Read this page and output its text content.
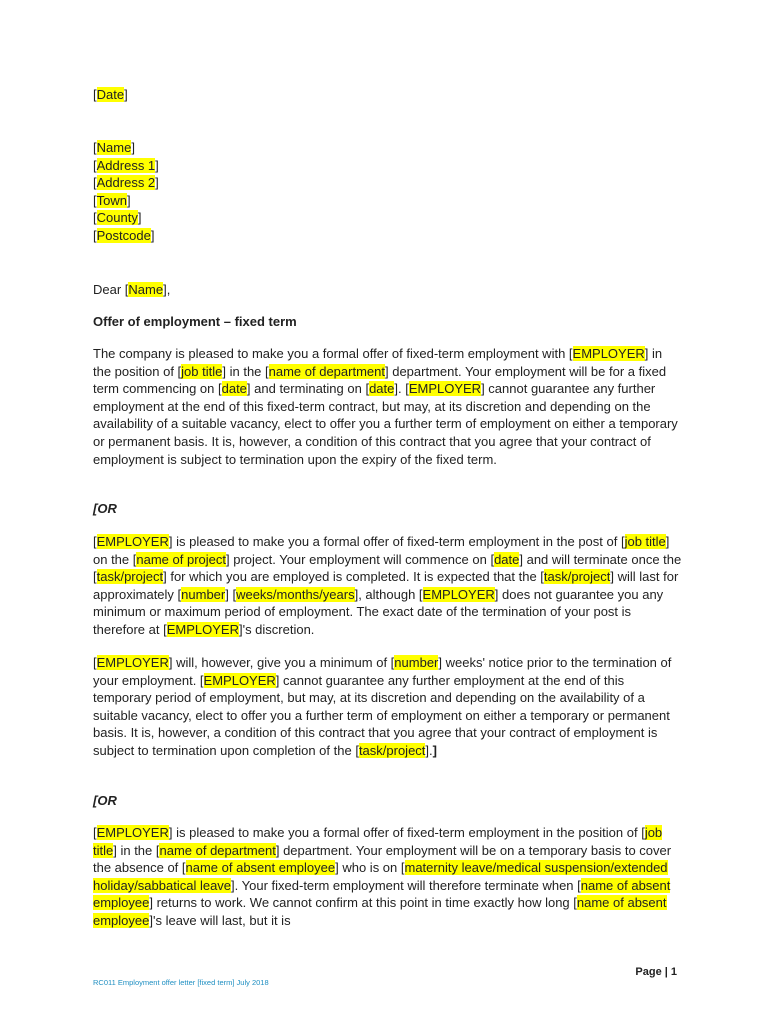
[Date]
[Name]
[Address 1]
[Address 2]
[Town]
[County]
[Postcode]
Dear [Name],
Offer of employment – fixed term
The company is pleased to make you a formal offer of fixed-term employment with [EMPLOYER] in the position of [job title] in the [name of department] department. Your employment will be for a fixed term commencing on [date] and terminating on [date]. [EMPLOYER] cannot guarantee any further employment at the end of this fixed-term contract, but may, at its discretion and depending on the availability of a suitable vacancy, elect to offer you a further term of employment on either a temporary or permanent basis. It is, however, a condition of this contract that you agree that your contract of employment is subject to termination upon the expiry of the fixed term.
[OR
[EMPLOYER] is pleased to make you a formal offer of fixed-term employment in the post of [job title] on the [name of project] project. Your employment will commence on [date] and will terminate once the [task/project] for which you are employed is completed. It is expected that the [task/project] will last for approximately [number] [weeks/months/years], although [EMPLOYER] does not guarantee you any minimum or maximum period of employment. The exact date of the termination of your post is therefore at [EMPLOYER]'s discretion.
[EMPLOYER] will, however, give you a minimum of [number] weeks' notice prior to the termination of your employment. [EMPLOYER] cannot guarantee any further employment at the end of this temporary period of employment, but may, at its discretion and depending on the availability of a suitable vacancy, elect to offer you a further term of employment on either a temporary or permanent basis. It is, however, a condition of this contract that you agree that your contract of employment is subject to termination upon completion of the [task/project].]
[OR
[EMPLOYER] is pleased to make you a formal offer of fixed-term employment in the position of [job title] in the [name of department] department. Your employment will be on a temporary basis to cover the absence of [name of absent employee] who is on [maternity leave/medical suspension/extended holiday/sabbatical leave]. Your fixed-term employment will therefore terminate when [name of absent employee] returns to work. We cannot confirm at this point in time exactly how long [name of absent employee]'s leave will last, but it is
RC011 Employment offer letter [fixed term] July 2018
Page | 1
